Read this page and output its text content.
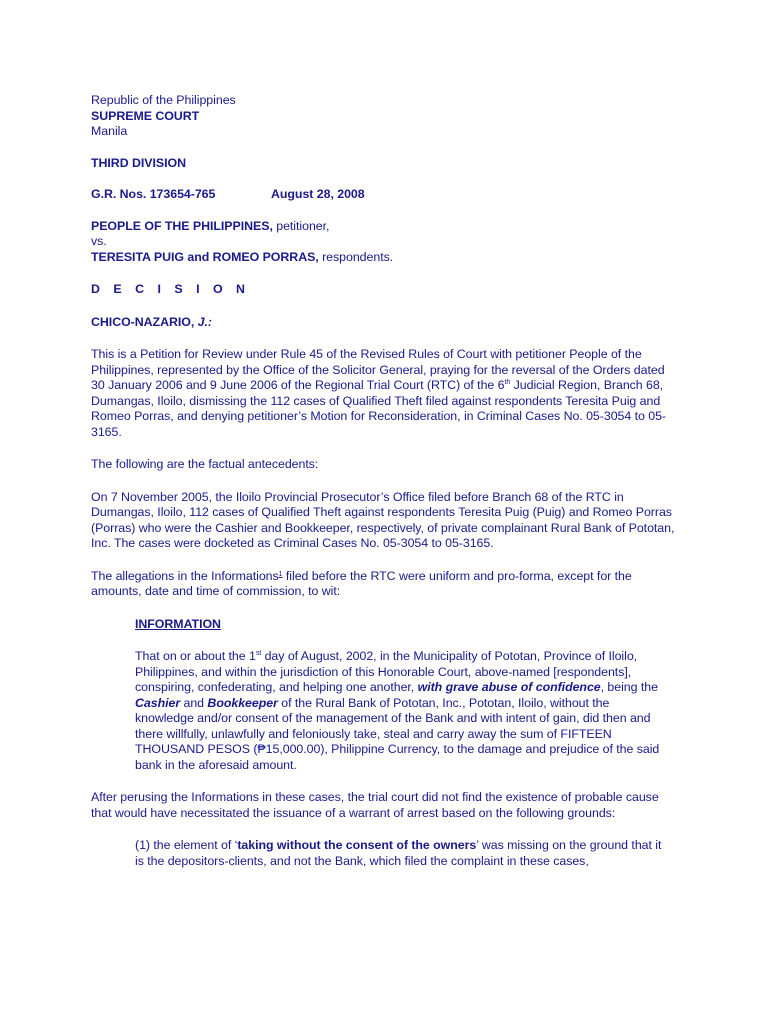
Republic of the Philippines

SUPREME COURT

Manila

THIRD DIVISION

G.R. Nos. 173654-765	August 28, 2008

PEOPLE OF THE PHILIPPINES, petitioner,

vs.

TERESITA PUIG and ROMEO PORRAS, respondents.

D E C I S I O N

CHICO-NAZARIO, J.:

This is a Petition for Review under Rule 45 of the Revised Rules of Court with petitioner People of the Philippines, represented by the Office of the Solicitor General, praying for the reversal of the Orders dated 30 January 2006 and 9 June 2006 of the Regional Trial Court (RTC) of the 6th Judicial Region, Branch 68, Dumangas, Iloilo, dismissing the 112 cases of Qualified Theft filed against respondents Teresita Puig and Romeo Porras, and denying petitioner’s Motion for Reconsideration, in Criminal Cases No. 05-3054 to 05-3165.

The following are the factual antecedents:

On 7 November 2005, the Iloilo Provincial Prosecutor’s Office filed before Branch 68 of the RTC in Dumangas, Iloilo, 112 cases of Qualified Theft against respondents Teresita Puig (Puig) and Romeo Porras (Porras) who were the Cashier and Bookkeeper, respectively, of private complainant Rural Bank of Pototan, Inc. The cases were docketed as Criminal Cases No. 05-3054 to 05-3165.

The allegations in the Informations$^1$ filed before the RTC were uniform and pro-forma, except for the amounts, date and time of commission, to wit:

INFORMATION

That on or about the 1st day of August, 2002, in the Municipality of Pototan, Province of Iloilo, Philippines, and within the jurisdiction of this Honorable Court, above-named [respondents], conspiring, confederating, and helping one another, with grave abuse of confidence, being the Cashier and Bookkeeper of the Rural Bank of Pototan, Inc., Pototan, Iloilo, without the knowledge and/or consent of the management of the Bank and with intent of gain, did then and there willfully, unlawfully and feloniously take, steal and carry away the sum of FIFTEEN THOUSAND PESOS (₱15,000.00), Philippine Currency, to the damage and prejudice of the said bank in the aforesaid amount.

After perusing the Informations in these cases, the trial court did not find the existence of probable cause that would have necessitated the issuance of a warrant of arrest based on the following grounds:

(1) the element of ‘taking without the consent of the owners’ was missing on the ground that it is the depositors-clients, and not the Bank, which filed the complaint in these cases,
